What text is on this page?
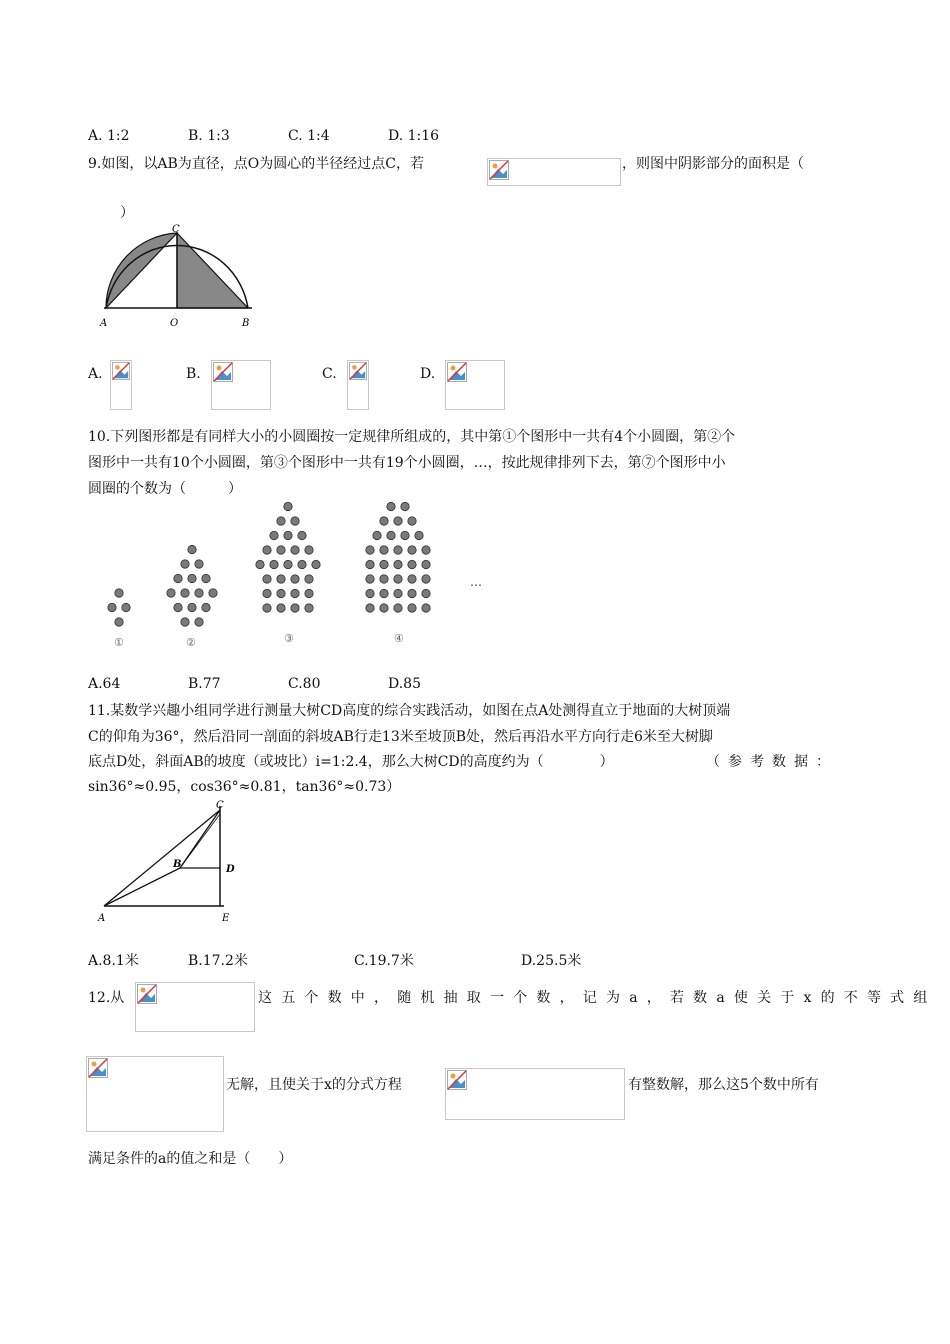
A. 1:2	B. 1:3	C. 1:4	D. 1:16
9.如图，以AB为直径，点O为圆心的半径经过点C，若	，则图中阴影部分的面积是（
）
A	O	B
C
A.	B.	C.	D.
10.下列图形都是有同样大小的小圆圈按一定规律所组成的，其中第①个图形中一共有4个小圆圈，第②个
图形中一共有10个小圆圈，第③个图形中一共有19个小圆圈，…，按此规律排列下去，第⑦个图形中小
圆圈的个数为（　　　）
①	②	③	④
…
A.64	B.77	C.80	D.85
11.某数学兴趣小组同学进行测量大树CD高度的综合实践活动，如图在点A处测得直立于地面的大树顶端
C的仰角为36°，然后沿同一剖面的斜坡AB行走13米至坡顶B处，然后再沿水平方向行走6米至大树脚
底点D处，斜面AB的坡度（或坡比）i=1:2.4，那么大树CD的高度约为（　　　　）	（参考数据：
sin36°≈0.95，cos36°≈0.81，tan36°≈0.73）
A
B
C
D
E
A.8.1米	B.17.2米	C.19.7米	D.25.5米
12.从	这五个数中，随机抽取一个数，记为a，若数a使关于x的不等式组
无解，且使关于x的分式方程	有整数解，那么这5个数中所有
满足条件的a的值之和是（　　）
